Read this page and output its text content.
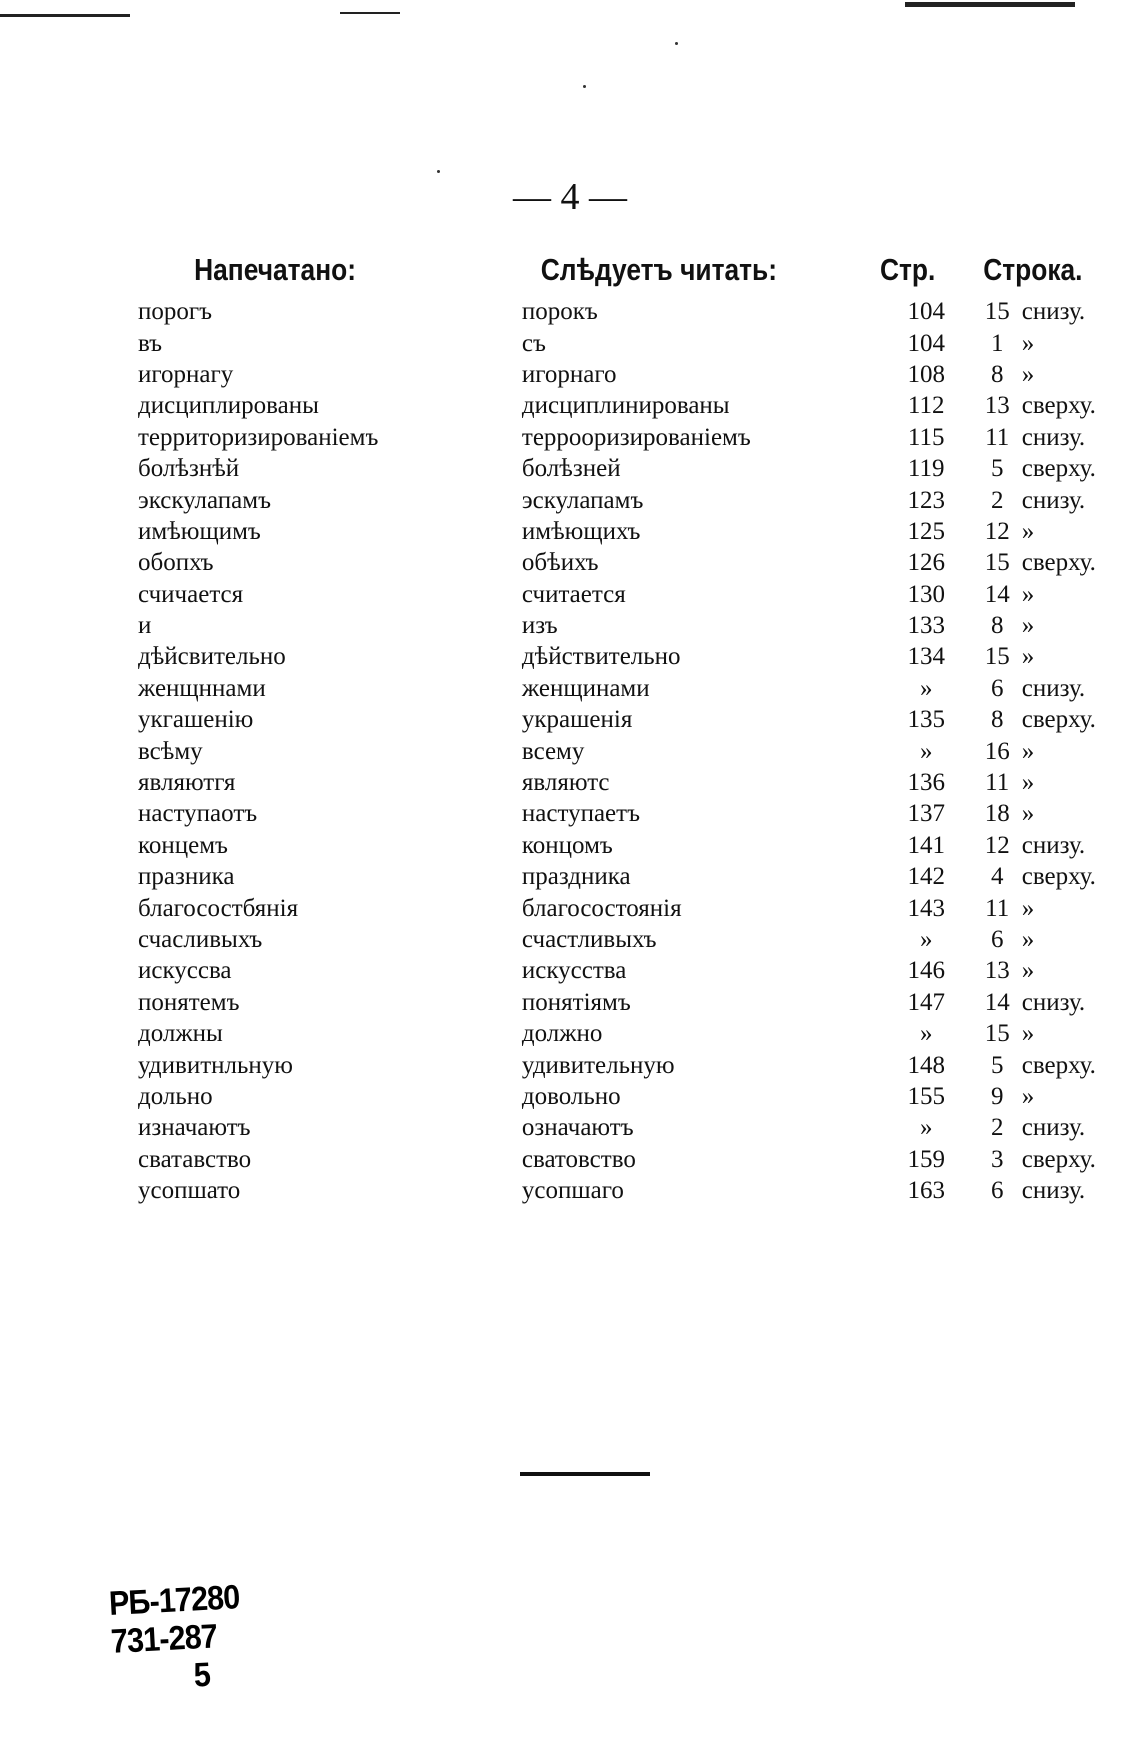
— 4 —
Напечатано:	Слѣдуетъ читать:	Стр.	Строка.	
порогъ	порокъ	104	15	снизу.
въ	съ	104	1	»
игорнагу	игорнаго	108	8	»
дисциплированы	дисциплинированы	112	13	сверху.
территоризированіемъ	террооризированіемъ	115	11	снизу.
болѣзнѣй	болѣзней	119	5	сверху.
экскулапамъ	эскулапамъ	123	2	снизу.
имѣющимъ	имѣющихъ	125	12	»
обопхъ	обѣихъ	126	15	сверху.
счичается	считается	130	14	»
и	изъ	133	8	»
дѣйсвительно	дѣйствительно	134	15	»
женщннами	женщинами	»	6	снизу.
укгашенію	украшенія	135	8	сверху.
всѣму	всему	»	16	»
являютгя	являютс	136	11	»
наступаотъ	наступаетъ	137	18	»
концемъ	концомъ	141	12	снизу.
празника	праздника	142	4	сверху.
благосостбянія	благосостоянія	143	11	»
счасливыхъ	счастливыхъ	»	6	»
искуссва	искусства	146	13	»
понятемъ	понятіямъ	147	14	снизу.
должны	должно	»	15	»
удивитнльную	удивительную	148	5	сверху.
дольно	довольно	155	9	»
изначаютъ	означаютъ	»	2	снизу.
сватавство	сватовство	159	3	сверху.
усопшато	усопшаго	163	6	снизу.
РБ-17280
731-287
5
